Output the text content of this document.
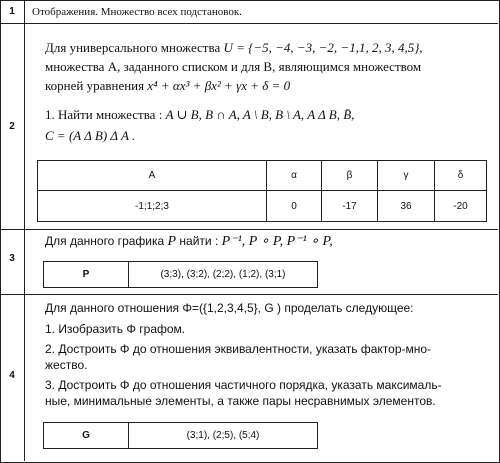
1	Отображения. Множество всех подстановок.
2
Для универсального множества U = {−5, −4, −3, −2, −1,1, 2, 3, 4,5},
множества A, заданного списком и для B, являющимся множеством
корней уравнения x⁴ + αx³ + βx² + γx + δ = 0
1. Найти множества : A ∪ B, B ∩ A, A \ B, B \ A, A Δ B, B̄,
C = (A Δ B) Δ A .
A	α	β	γ	δ
-1;1;2;3	0	-17	36	-20
3
Для данного графика P найти : P⁻¹, P ∘ P, P⁻¹ ∘ P,
P	(3;3), (3;2), (2;2), (1;2), (3;1)
4
Для данного отношения Φ=({1,2,3,4,5}, G ) проделать следующее:
1. Изобразить Φ графом.
2. Достроить Φ до отношения эквивалентности, указать фактор-мно-
жество.
3. Достроить Φ до отношения частичного порядка, указать максималь-
ные, минимальные элементы, а также пары несравнимых элементов.
G	(3;1), (2;5), (5;4)
